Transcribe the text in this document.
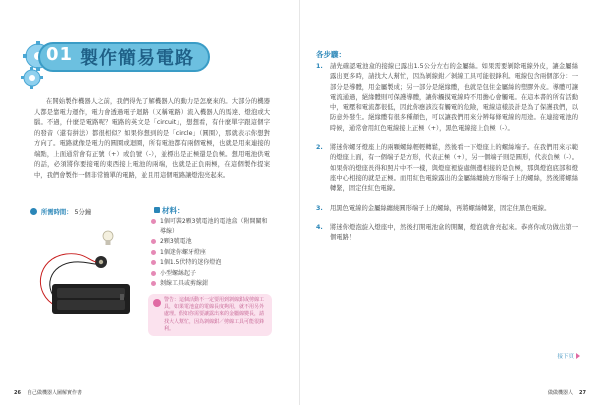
01 製作簡易電路

在開始製作機器人之前，我們得先了解機器人的動力是怎麼來的。大部分的機器人都是靠電力運作，電力會透過電子迴路（又稱電路）流入機器人的馬達、燈泡或大腦。不過，什麼是電路呢？電路的英文是「circuit」，想想看，有什麼單字跟這個字的發音（還有拼法）都很相似？如果你想到的是「circle」（圓圈），那就表示你想對方向了。電路就像是電力的圓圈或迴圈，所有電池都有兩個電極，也就是用來連接的端點，上面通常會有正號（+）或負號（-），並標出是正極還是負極。想用電池供電的話，必須將你要接電的東西接上電池的兩端，也就是正負兩極，在這個製作提案中，我們會製作一個非常簡單的電路，並且用這個電路讓燈泡亮起來。

所需時間： 5分鐘	材料：
1個可裝2顆3號電池的電池盒（附開關和導線）
2顆3號電池
1個迷你螺牙燈座
1個1.5伏特的迷你燈泡
小型螺絲起子
剝線工具或剪線鉗
警告：這個活動不一定要用到剝線鉗或剪線工具，如果電池盒的電線長度夠用，就不用另外處理。假如你需要讓露出來的金屬線變長，請找大人幫忙，因為剝線鉗／剪線工具可能很鋒利。
26 自己做機器人圖解實作書
各步驟：
1. 請先確認電池盒的接線已露出1.5公分左右的金屬絲。如果需要剝除電線外皮，讓金屬絲露出更多時，請找大人幫忙，因為剝線鉗／剝線工具可能很鋒利。電線包含兩個部分：一部分是導體，用金屬製成；另一部分是絕緣體，也就是包住金屬絲的塑膠外皮。導體可讓電流通過，絕緣體則可保護導體，讓你觸摸電線時不用擔心會觸電。在這本書的所有活動中，電壓和電流都很低，因此你應該沒有觸電的危險，電線這樣設計是為了保護我們，以防意外發生。絕緣體有很多種顏色，可以讓我們用來分辨每條電線的用途。在連接電池的時候，通常會用紅色電線接上正極（+），黑色電線接上負極（-）。
2. 將迷你螺牙燈座上的兩顆螺絲輕輕轉鬆，然後看一下燈座上的螺絲端子。在我們用來示範的燈座上面，有一個端子是方形，代表正極（+），另一個端子則是圓形，代表負極（-）。如果你的燈座長得和照片中不一樣，與燈座裡旋處側邊相接的是負極，那與燈泡底部和燈座中心相接的就是正極。而用紅色電線露出的金屬絲纏繞方形端子上的螺絲，然後將螺絲轉緊，固定住紅色電線。
3. 用黑色電線的金屬絲纏繞圓形端子上的螺絲，再將螺絲轉緊，固定住黑色電線。
4. 將迷你燈泡旋入燈座中，然後打開電池盒的開關，燈泡就會亮起來。恭喜你成功做出第一個電路！
接下頁
做做機器人 27
